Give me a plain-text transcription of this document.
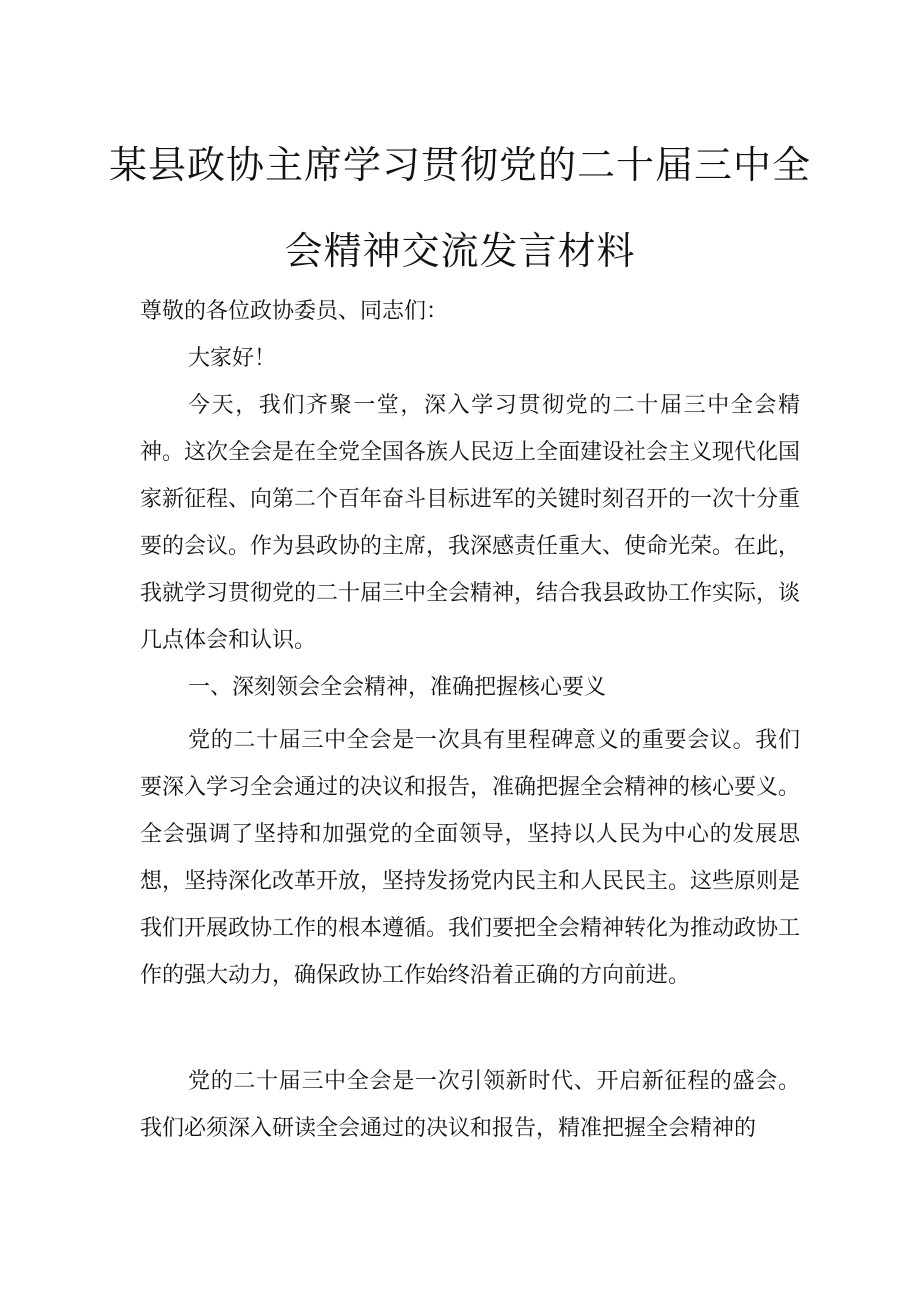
某县政协主席学习贯彻党的二十届三中全
会精神交流发言材料

尊敬的各位政协委员、同志们：

大家好！

今天，我们齐聚一堂，深入学习贯彻党的二十届三中全会精神。这次全会是在全党全国各族人民迈上全面建设社会主义现代化国家新征程、向第二个百年奋斗目标进军的关键时刻召开的一次十分重要的会议。作为县政协的主席，我深感责任重大、使命光荣。在此，我就学习贯彻党的二十届三中全会精神，结合我县政协工作实际，谈几点体会和认识。

一、深刻领会全会精神，准确把握核心要义

党的二十届三中全会是一次具有里程碑意义的重要会议。我们要深入学习全会通过的决议和报告，准确把握全会精神的核心要义。全会强调了坚持和加强党的全面领导，坚持以人民为中心的发展思想，坚持深化改革开放，坚持发扬党内民主和人民民主。这些原则是我们开展政协工作的根本遵循。我们要把全会精神转化为推动政协工作的强大动力，确保政协工作始终沿着正确的方向前进。

党的二十届三中全会是一次引领新时代、开启新征程的盛会。我们必须深入研读全会通过的决议和报告，精准把握全会精神的
